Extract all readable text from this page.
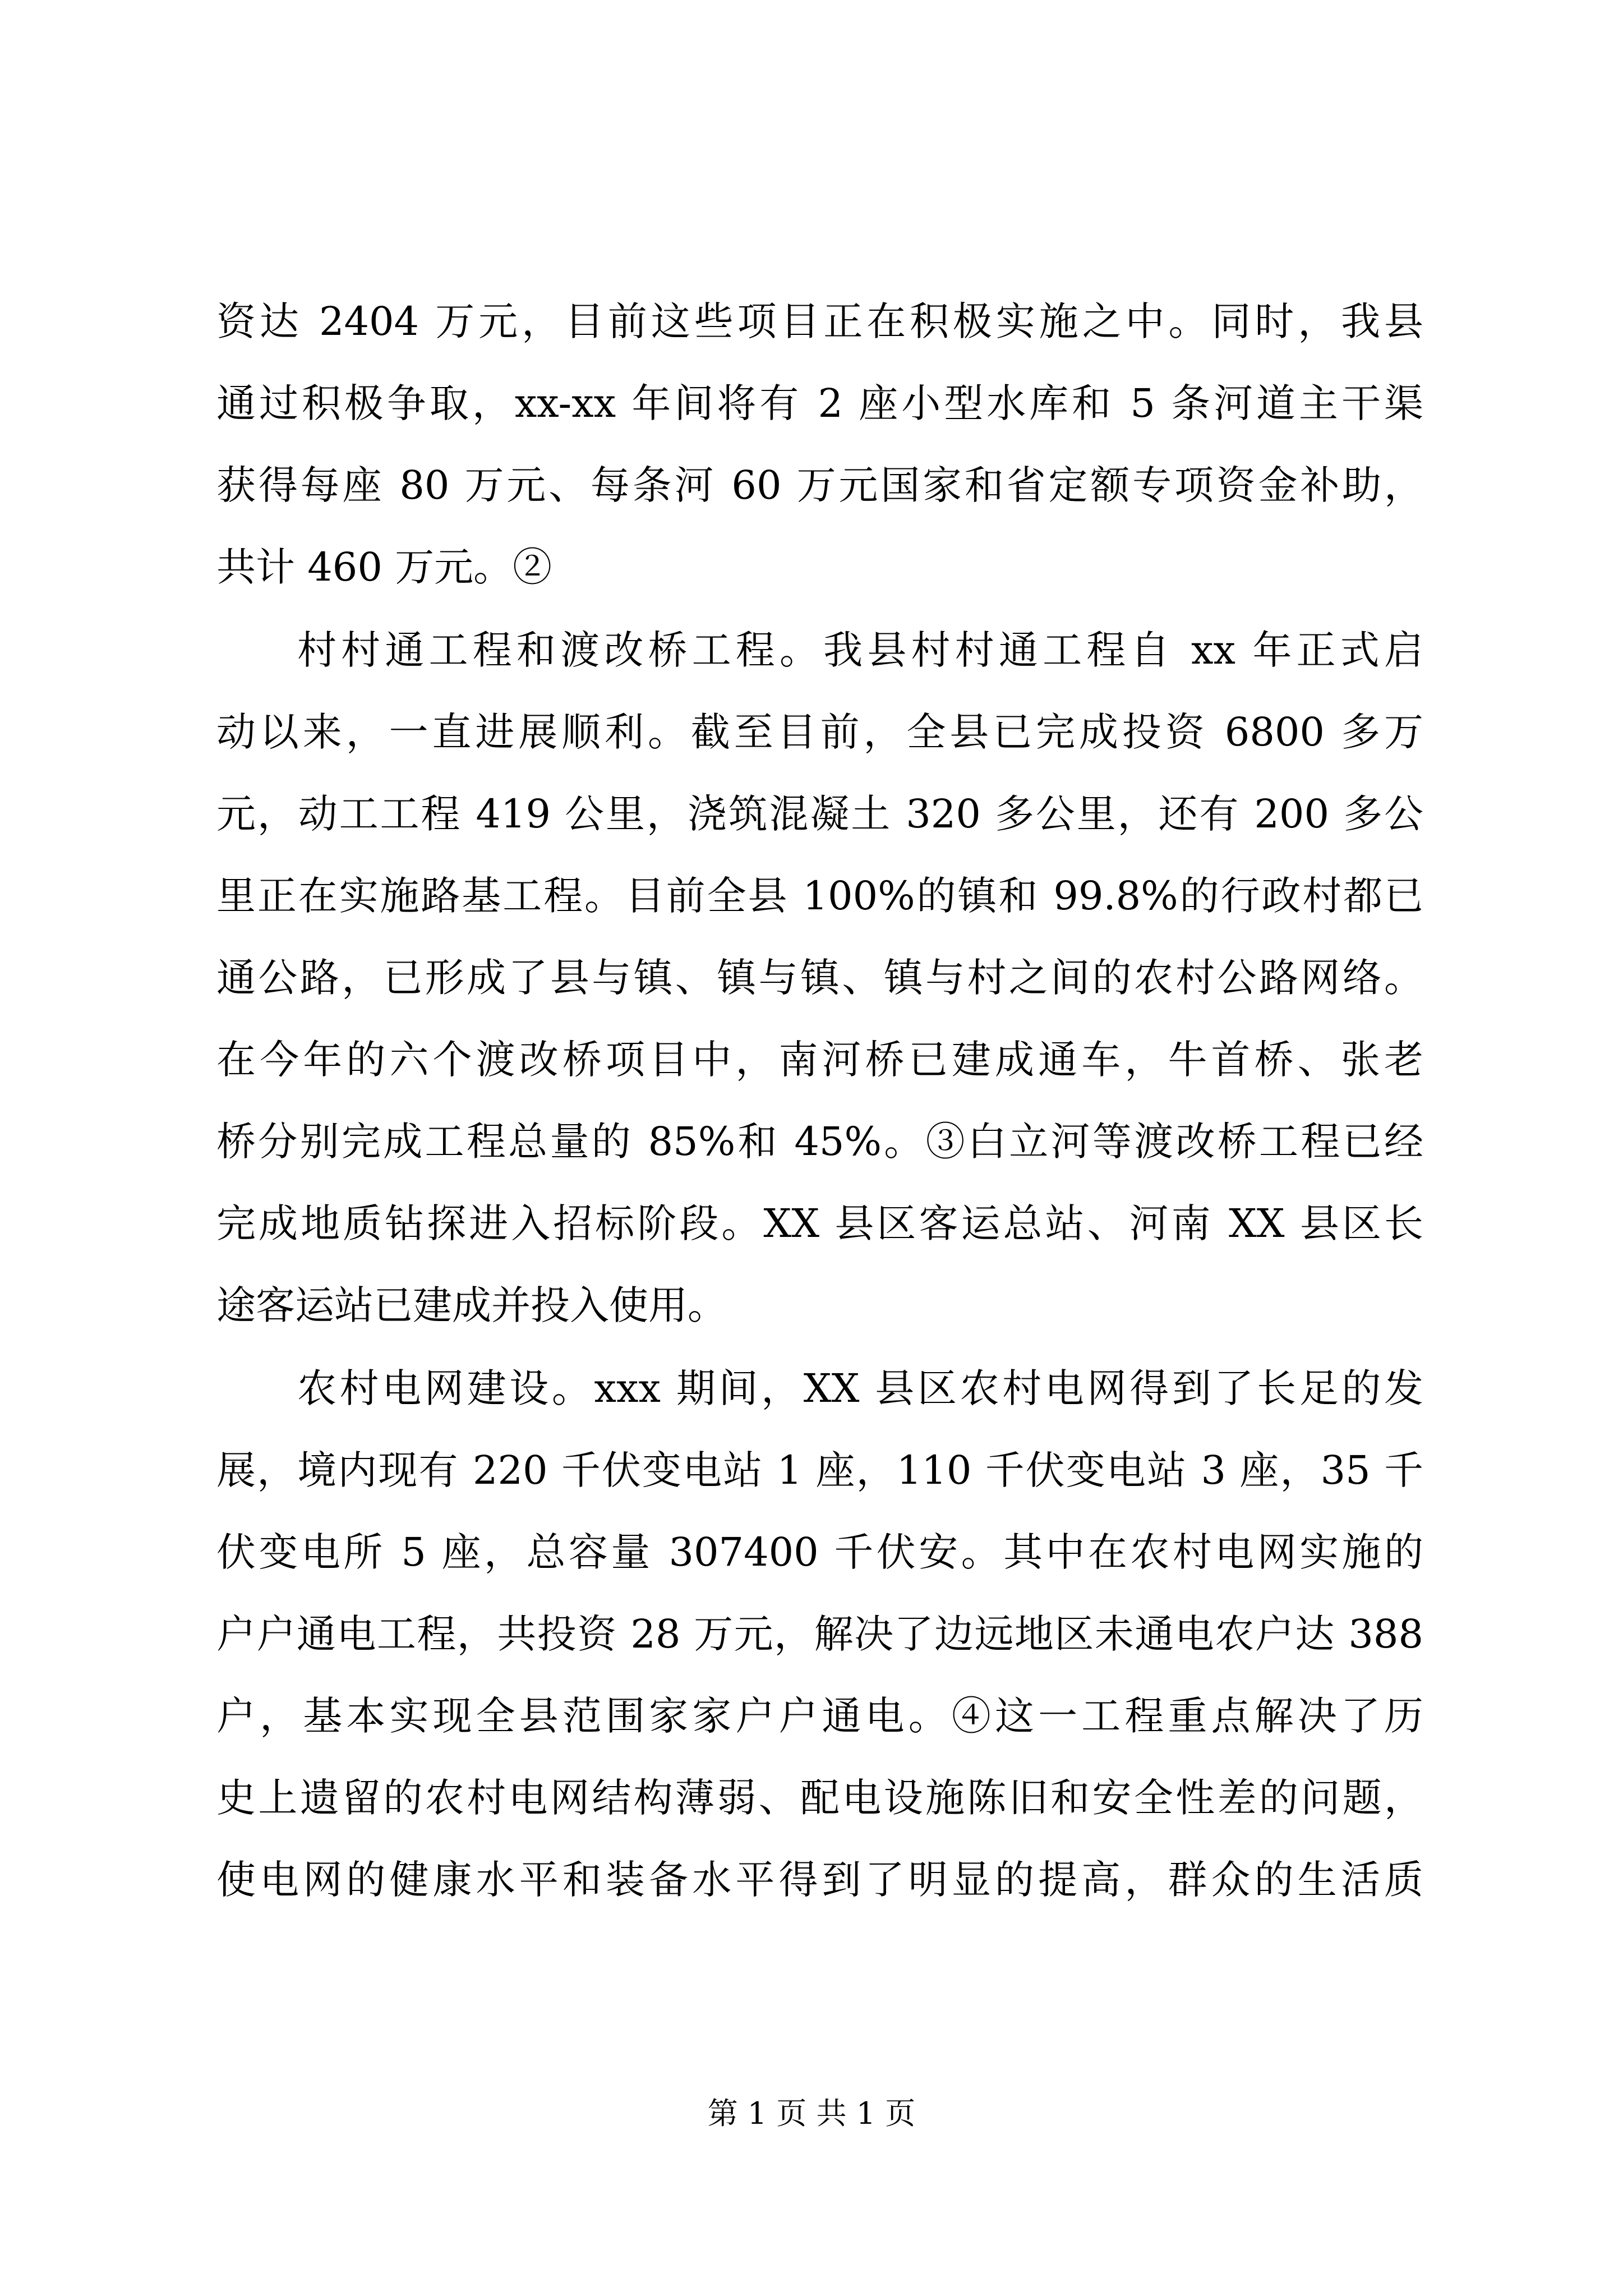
资达 2404 万元，目前这些项目正在积极实施之中。同时，我县
通过积极争取，xx-xx 年间将有 2 座小型水库和 5 条河道主干渠
获得每座 80 万元、每条河 60 万元国家和省定额专项资金补助，
共计 460 万元。②
村村通工程和渡改桥工程。我县村村通工程自 xx 年正式启
动以来，一直进展顺利。截至目前，全县已完成投资 6800 多万
元，动工工程 419 公里，浇筑混凝土 320 多公里，还有 200 多公
里正在实施路基工程。目前全县 100%的镇和 99.8%的行政村都已
通公路，已形成了县与镇、镇与镇、镇与村之间的农村公路网络。
在今年的六个渡改桥项目中，南河桥已建成通车，牛首桥、张老
桥分别完成工程总量的 85%和 45%。③白立河等渡改桥工程已经
完成地质钻探进入招标阶段。XX 县区客运总站、河南 XX 县区长
途客运站已建成并投入使用。
农村电网建设。xxx 期间，XX 县区农村电网得到了长足的发
展，境内现有 220 千伏变电站 1 座，110 千伏变电站 3 座，35 千
伏变电所 5 座，总容量 307400 千伏安。其中在农村电网实施的
户户通电工程，共投资 28 万元，解决了边远地区未通电农户达 388
户，基本实现全县范围家家户户通电。④这一工程重点解决了历
史上遗留的农村电网结构薄弱、配电设施陈旧和安全性差的问题，
使电网的健康水平和装备水平得到了明显的提高，群众的生活质
第 1 页 共 1 页
